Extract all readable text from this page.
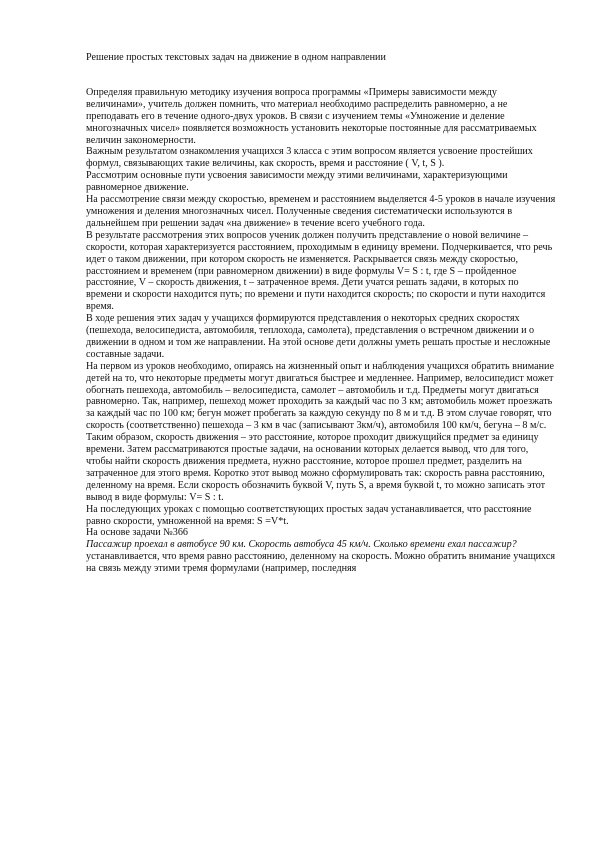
Решение простых текстовых задач на движение в одном направлении

Определяя правильную методику изучения вопроса программы «Примеры зависимости между величинами», учитель должен помнить, что материал необходимо распределить равномерно, а не преподавать его в течение одного-двух уроков. В связи с изучением темы «Умножение и деление многозначных чисел» появляется возможность установить некоторые постоянные для рассматриваемых величин закономерности.

Важным результатом ознакомления учащихся 3 класса с этим вопросом является усвоение простейших формул, связывающих такие величины, как скорость, время и расстояние ( V, t, S ).

Рассмотрим основные пути усвоения зависимости между этими величинами, характеризующими равномерное движение.

На рассмотрение связи между скоростью, временем и расстоянием выделяется 4-5 уроков в начале изучения умножения и деления многозначных чисел. Полученные сведения систематически используются в дальнейшем при решении задач «на движение» в течение всего учебного года.

В результате рассмотрения этих вопросов ученик должен получить представление о новой величине – скорости, которая характеризуется расстоянием, проходимым в единицу времени. Подчеркивается, что речь идет о таком движении, при котором скорость не изменяется. Раскрывается связь между скоростью, расстоянием и временем (при равномерном движении) в виде формулы V= S : t, где S – пройденное расстояние, V – скорость движения, t – затраченное время. Дети учатся решать задачи, в которых по времени и скорости находится путь; по времени и пути находится скорость; по скорости и пути находится время.

В ходе решения этих задач у учащихся формируются представления о некоторых средних скоростях (пешехода, велосипедиста, автомобиля, теплохода, самолета), представления о встречном движении и о движении в одном и том же направлении. На этой основе дети должны уметь решать простые и несложные составные задачи.

На первом из уроков необходимо, опираясь на жизненный опыт и наблюдения учащихся обратить внимание детей на то, что некоторые предметы могут двигаться быстрее и медленнее. Например, велосипедист может обогнать пешехода, автомобиль – велосипедиста, самолет – автомобиль и т.д. Предметы могут двигаться равномерно. Так, например, пешеход может проходить за каждый час по 3 км; автомобиль может проезжать за каждый час по 100 км; бегун может пробегать за каждую секунду по 8 м и т.д. В этом случае говорят, что скорость (соответственно) пешехода – 3 км в час (записывают 3км/ч), автомобиля 100 км/ч, бегуна – 8 м/с.

Таким образом, скорость движения – это расстояние, которое проходит движущийся предмет за единицу времени. Затем рассматриваются простые задачи, на основании которых делается вывод, что для того, чтобы найти скорость движения предмета, нужно расстояние, которое прошел предмет, разделить на затраченное для этого время. Коротко этот вывод можно сформулировать так: скорость равна расстоянию, деленному на время. Если скорость обозначить буквой V, путь S, а время буквой t, то можно записать этот вывод в виде формулы: V= S : t.

На последующих уроках с помощью соответствующих простых задач устанавливается, что расстояние равно скорости, умноженной на время: S =V*t.

На основе задачи №366

Пассажир проехал в автобусе 90 км. Скорость автобуса 45 км/ч. Сколько времени ехал пассажир?

устанавливается, что время равно расстоянию, деленному на скорость. Можно обратить внимание учащихся на связь между этими тремя формулами (например, последняя
